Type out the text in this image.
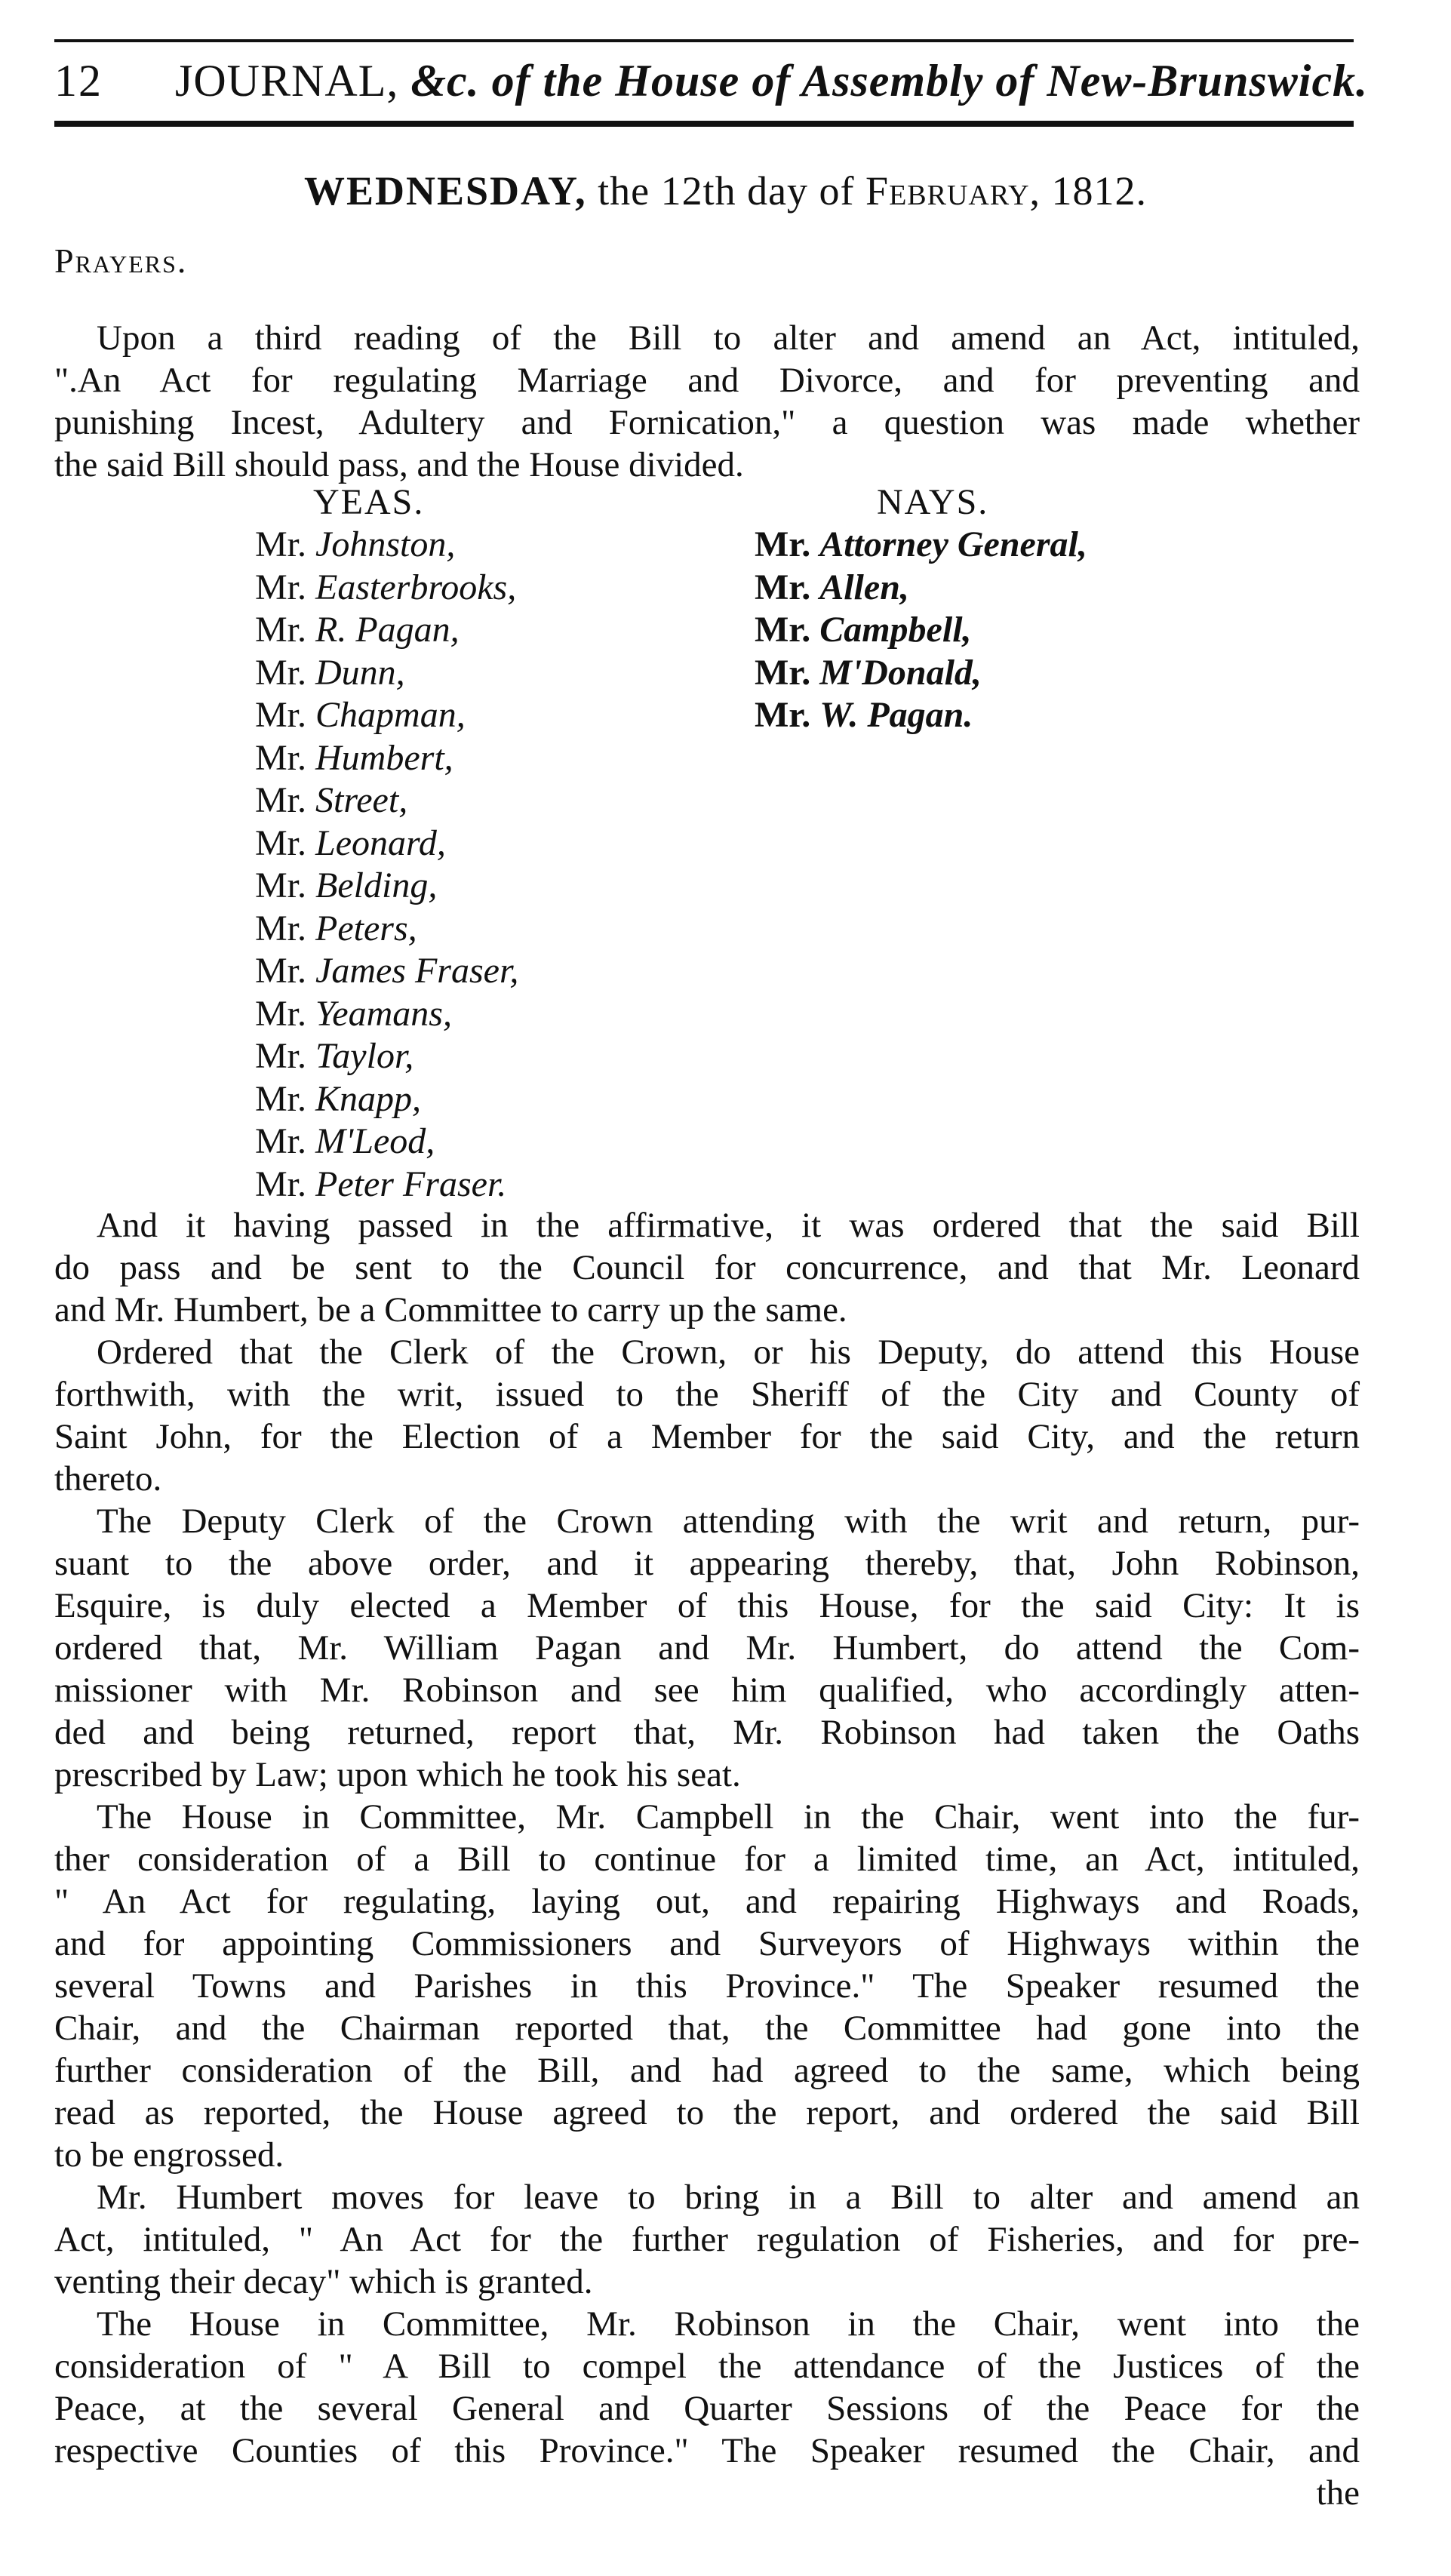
12 JOURNAL, &c. of the House of Assembly of New-Brunswick.
WEDNESDAY, the 12th day of February, 1812.
Prayers.
Upon a third reading of the Bill to alter and amend an Act, intituled,
".An Act for regulating Marriage and Divorce, and for preventing and
punishing Incest, Adultery and Fornication," a question was made whether
the said Bill should pass, and the House divided.
YEAS.	NAYS.
Mr. Johnston,
Mr. Easterbrooks,
Mr. R. Pagan,
Mr. Dunn,
Mr. Chapman,
Mr. Humbert,
Mr. Street,
Mr. Leonard,
Mr. Belding,
Mr. Peters,
Mr. James Fraser,
Mr. Yeamans,
Mr. Taylor,
Mr. Knapp,
Mr. M'Leod,
Mr. Peter Fraser.
Mr. Attorney General,
Mr. Allen,
Mr. Campbell,
Mr. M'Donald,
Mr. W. Pagan.
And it having passed in the affirmative, it was ordered that the said Bill
do pass and be sent to the Council for concurrence, and that Mr. Leonard
and Mr. Humbert, be a Committee to carry up the same.
Ordered that the Clerk of the Crown, or his Deputy, do attend this House
forthwith, with the writ, issued to the Sheriff of the City and County of
Saint John, for the Election of a Member for the said City, and the return
thereto.
The Deputy Clerk of the Crown attending with the writ and return, pur-
suant to the above order, and it appearing thereby, that, John Robinson,
Esquire, is duly elected a Member of this House, for the said City: It is
ordered that, Mr. William Pagan and Mr. Humbert, do attend the Com-
missioner with Mr. Robinson and see him qualified, who accordingly atten-
ded and being returned, report that, Mr. Robinson had taken the Oaths
prescribed by Law; upon which he took his seat.
The House in Committee, Mr. Campbell in the Chair, went into the fur-
ther consideration of a Bill to continue for a limited time, an Act, intituled,
" An Act for regulating, laying out, and repairing Highways and Roads,
and for appointing Commissioners and Surveyors of Highways within the
several Towns and Parishes in this Province." The Speaker resumed the
Chair, and the Chairman reported that, the Committee had gone into the
further consideration of the Bill, and had agreed to the same, which being
read as reported, the House agreed to the report, and ordered the said Bill
to be engrossed.
Mr. Humbert moves for leave to bring in a Bill to alter and amend an
Act, intituled, " An Act for the further regulation of Fisheries, and for pre-
venting their decay" which is granted.
The House in Committee, Mr. Robinson in the Chair, went into the
consideration of " A Bill to compel the attendance of the Justices of the
Peace, at the several General and Quarter Sessions of the Peace for the
respective Counties of this Province." The Speaker resumed the Chair, and
the
